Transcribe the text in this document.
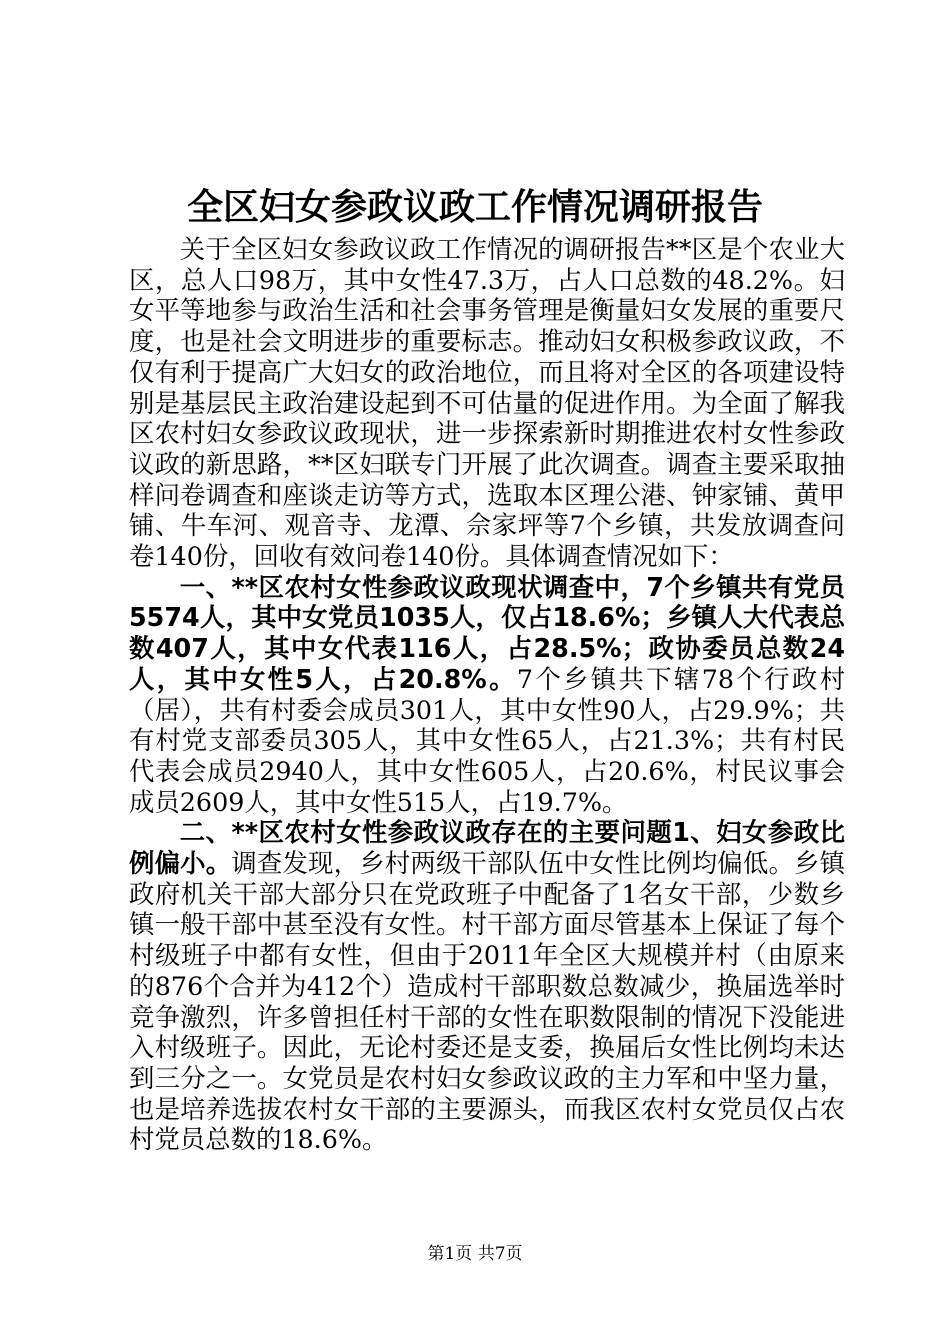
全区妇女参政议政工作情况调研报告

关于全区妇女参政议政工作情况的调研报告**区是个农业大区，总人口98万，其中女性47.3万，占人口总数的48.2%。妇女平等地参与政治生活和社会事务管理是衡量妇女发展的重要尺度，也是社会文明进步的重要标志。推动妇女积极参政议政，不仅有利于提高广大妇女的政治地位，而且将对全区的各项建设特别是基层民主政治建设起到不可估量的促进作用。为全面了解我区农村妇女参政议政现状，进一步探索新时期推进农村女性参政议政的新思路，**区妇联专门开展了此次调查。调查主要采取抽样问卷调查和座谈走访等方式，选取本区理公港、钟家铺、黄甲铺、牛车河、观音寺、龙潭、佘家坪等7个乡镇，共发放调查问卷140份，回收有效问卷140份。具体调查情况如下：

一、**区农村女性参政议政现状调查中，7个乡镇共有党员5574人，其中女党员1035人，仅占18.6%；乡镇人大代表总数407人，其中女代表116人，占28.5%；政协委员总数24人，其中女性5人，占20.8%。7个乡镇共下辖78个行政村（居），共有村委会成员301人，其中女性90人，占29.9%；共有村党支部委员305人，其中女性65人，占21.3%；共有村民代表会成员2940人，其中女性605人，占20.6%，村民议事会成员2609人，其中女性515人，占19.7%。

二、**区农村女性参政议政存在的主要问题1、妇女参政比例偏小。调查发现，乡村两级干部队伍中女性比例均偏低。乡镇政府机关干部大部分只在党政班子中配备了1名女干部，少数乡镇一般干部中甚至没有女性。村干部方面尽管基本上保证了每个村级班子中都有女性，但由于2011年全区大规模并村（由原来的876个合并为412个）造成村干部职数总数减少，换届选举时竞争激烈，许多曾担任村干部的女性在职数限制的情况下没能进入村级班子。因此，无论村委还是支委，换届后女性比例均未达到三分之一。女党员是农村妇女参政议政的主力军和中坚力量，也是培养选拔农村女干部的主要源头，而我区农村女党员仅占农村党员总数的18.6%。

第1页 共7页
